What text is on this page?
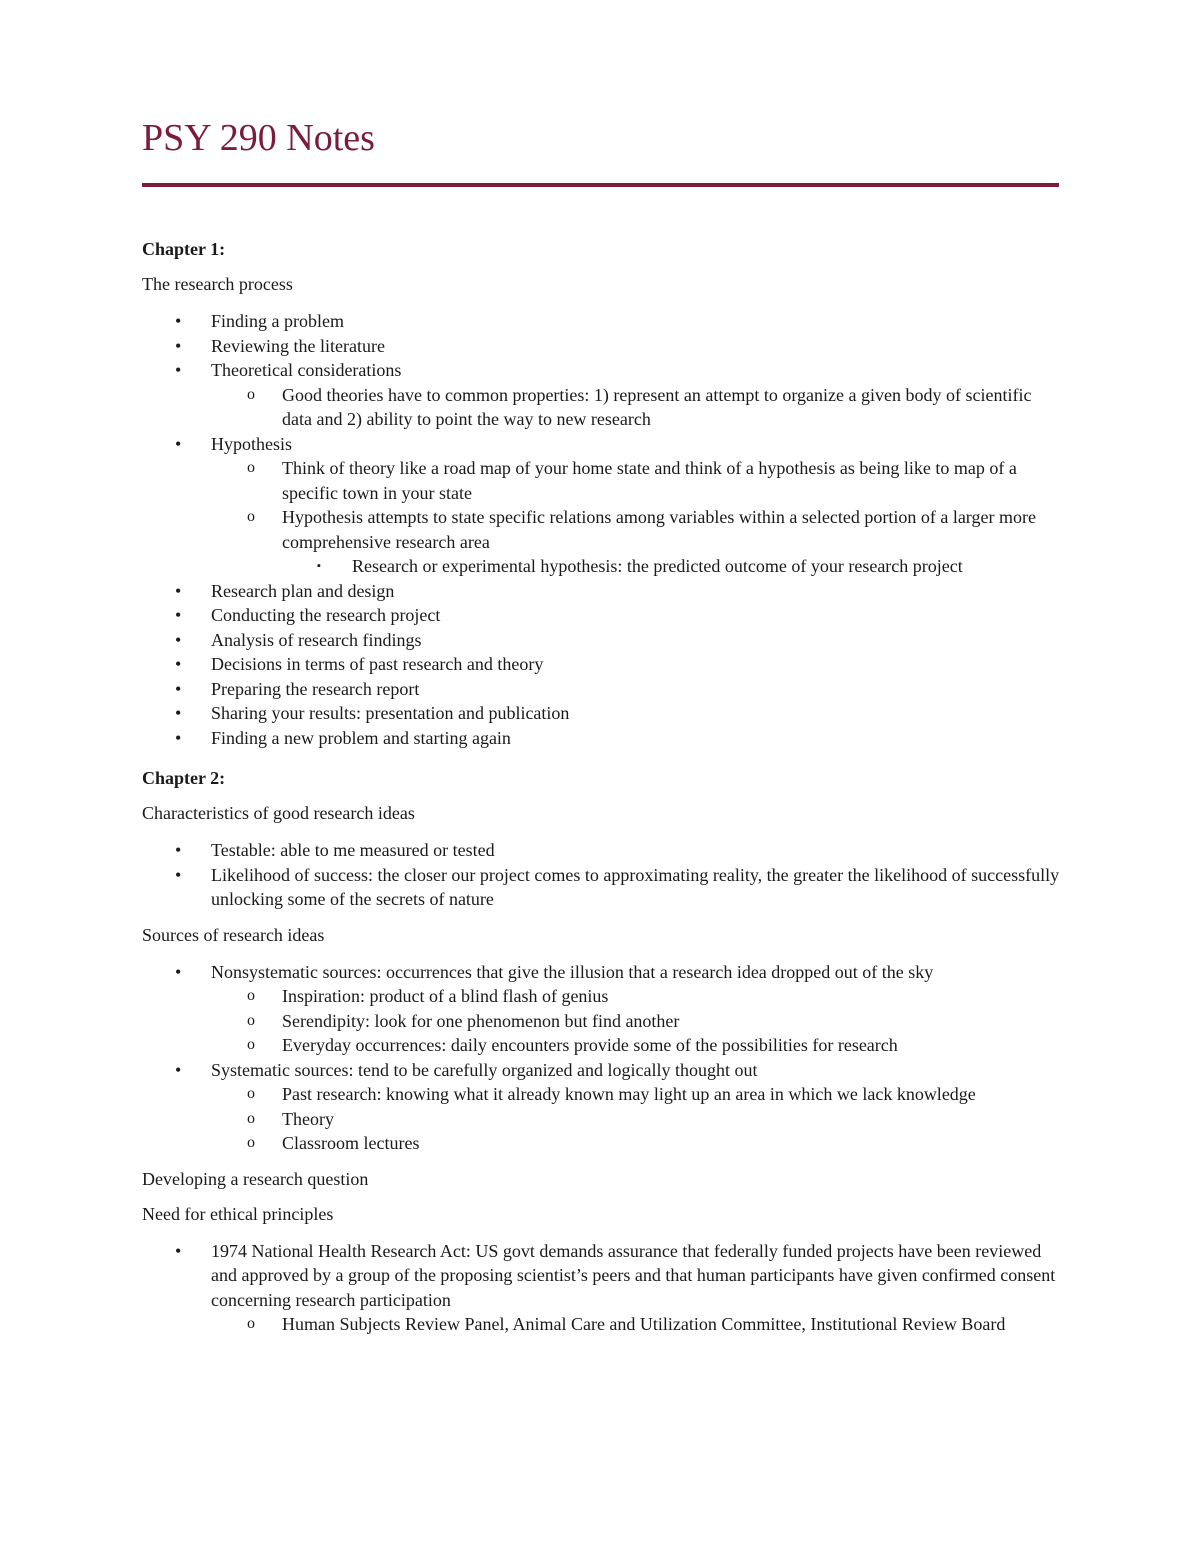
PSY 290 Notes

Chapter 1:

The research process

• Finding a problem
• Reviewing the literature
• Theoretical considerations
o Good theories have to common properties: 1) represent an attempt to organize a given body of scientific data and 2) ability to point the way to new research
• Hypothesis
o Think of theory like a road map of your home state and think of a hypothesis as being like to map of a specific town in your state
o Hypothesis attempts to state specific relations among variables within a selected portion of a larger more comprehensive research area
▪ Research or experimental hypothesis: the predicted outcome of your research project
• Research plan and design
• Conducting the research project
• Analysis of research findings
• Decisions in terms of past research and theory
• Preparing the research report
• Sharing your results: presentation and publication
• Finding a new problem and starting again

Chapter 2:

Characteristics of good research ideas

• Testable: able to me measured or tested
• Likelihood of success: the closer our project comes to approximating reality, the greater the likelihood of successfully unlocking some of the secrets of nature

Sources of research ideas

• Nonsystematic sources: occurrences that give the illusion that a research idea dropped out of the sky
o Inspiration: product of a blind flash of genius
o Serendipity: look for one phenomenon but find another
o Everyday occurrences: daily encounters provide some of the possibilities for research
• Systematic sources: tend to be carefully organized and logically thought out
o Past research: knowing what it already known may light up an area in which we lack knowledge
o Theory
o Classroom lectures

Developing a research question

Need for ethical principles

• 1974 National Health Research Act: US govt demands assurance that federally funded projects have been reviewed and approved by a group of the proposing scientist’s peers and that human participants have given confirmed consent concerning research participation
o Human Subjects Review Panel, Animal Care and Utilization Committee, Institutional Review Board
